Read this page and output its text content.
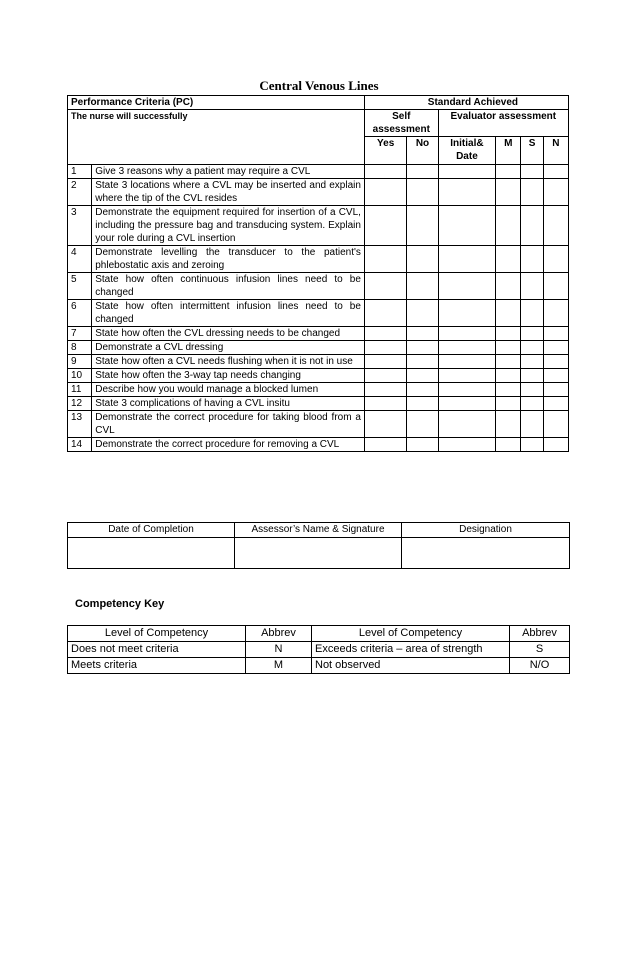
Central Venous Lines
Performance Criteria (PC)		Standard Achieved					
The nurse will successfully		Self assessment		Evaluator assessment			
		Yes	No	Initial& Date	M	S	N
1	Give 3 reasons why a patient may require a CVL						
2	State 3 locations where a CVL may be inserted and explain where the tip of the CVL resides						
3	Demonstrate the equipment required for insertion of a CVL, including the pressure bag and transducing system. Explain your role during a CVL insertion						
4	Demonstrate levelling the transducer to the patient's phlebostatic axis and zeroing						
5	State how often continuous infusion lines need to be changed						
6	State how often intermittent infusion lines need to be changed						
7	State how often the CVL dressing needs to be changed						
8	Demonstrate a CVL dressing						
9	State how often a CVL needs flushing when it is not in use						
10	State how often the 3-way tap needs changing						
11	Describe how you would manage a blocked lumen						
12	State 3 complications of having a CVL insitu						
13	Demonstrate the correct procedure for taking blood from a CVL						
14	Demonstrate the correct procedure for removing a CVL						
Date of Completion	Assessor’s Name & Signature	Designation

Competency Key
Level of Competency	Abbrev	Level of Competency	Abbrev
Does not meet criteria	N	Exceeds criteria – area of strength	S
Meets criteria	M	Not observed	N/O
